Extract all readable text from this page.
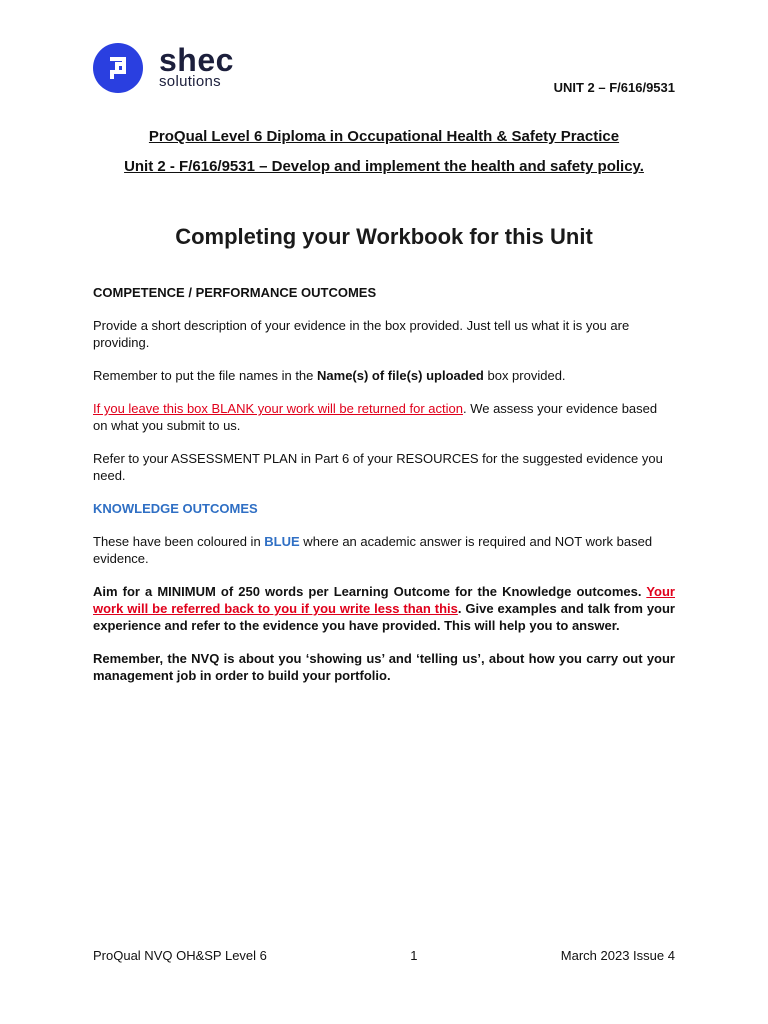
shec
solutions	UNIT 2 – F/616/9531

ProQual Level 6 Diploma in Occupational Health & Safety Practice

Unit 2 - F/616/9531 – Develop and implement the health and safety policy.

Completing your Workbook for this Unit

COMPETENCE / PERFORMANCE OUTCOMES

Provide a short description of your evidence in the box provided. Just tell us what it is you are providing.

Remember to put the file names in the Name(s) of file(s) uploaded box provided.

If you leave this box BLANK your work will be returned for action. We assess your evidence based on what you submit to us.

Refer to your ASSESSMENT PLAN in Part 6 of your RESOURCES for the suggested evidence you need.

KNOWLEDGE OUTCOMES

These have been coloured in BLUE where an academic answer is required and NOT work based evidence.

Aim for a MINIMUM of 250 words per Learning Outcome for the Knowledge outcomes. Your work will be referred back to you if you write less than this. Give examples and talk from your experience and refer to the evidence you have provided. This will help you to answer.

Remember, the NVQ is about you ‘showing us’ and ‘telling us’, about how you carry out your management job in order to build your portfolio.

ProQual NVQ OH&SP Level 6	1	March 2023 Issue 4
